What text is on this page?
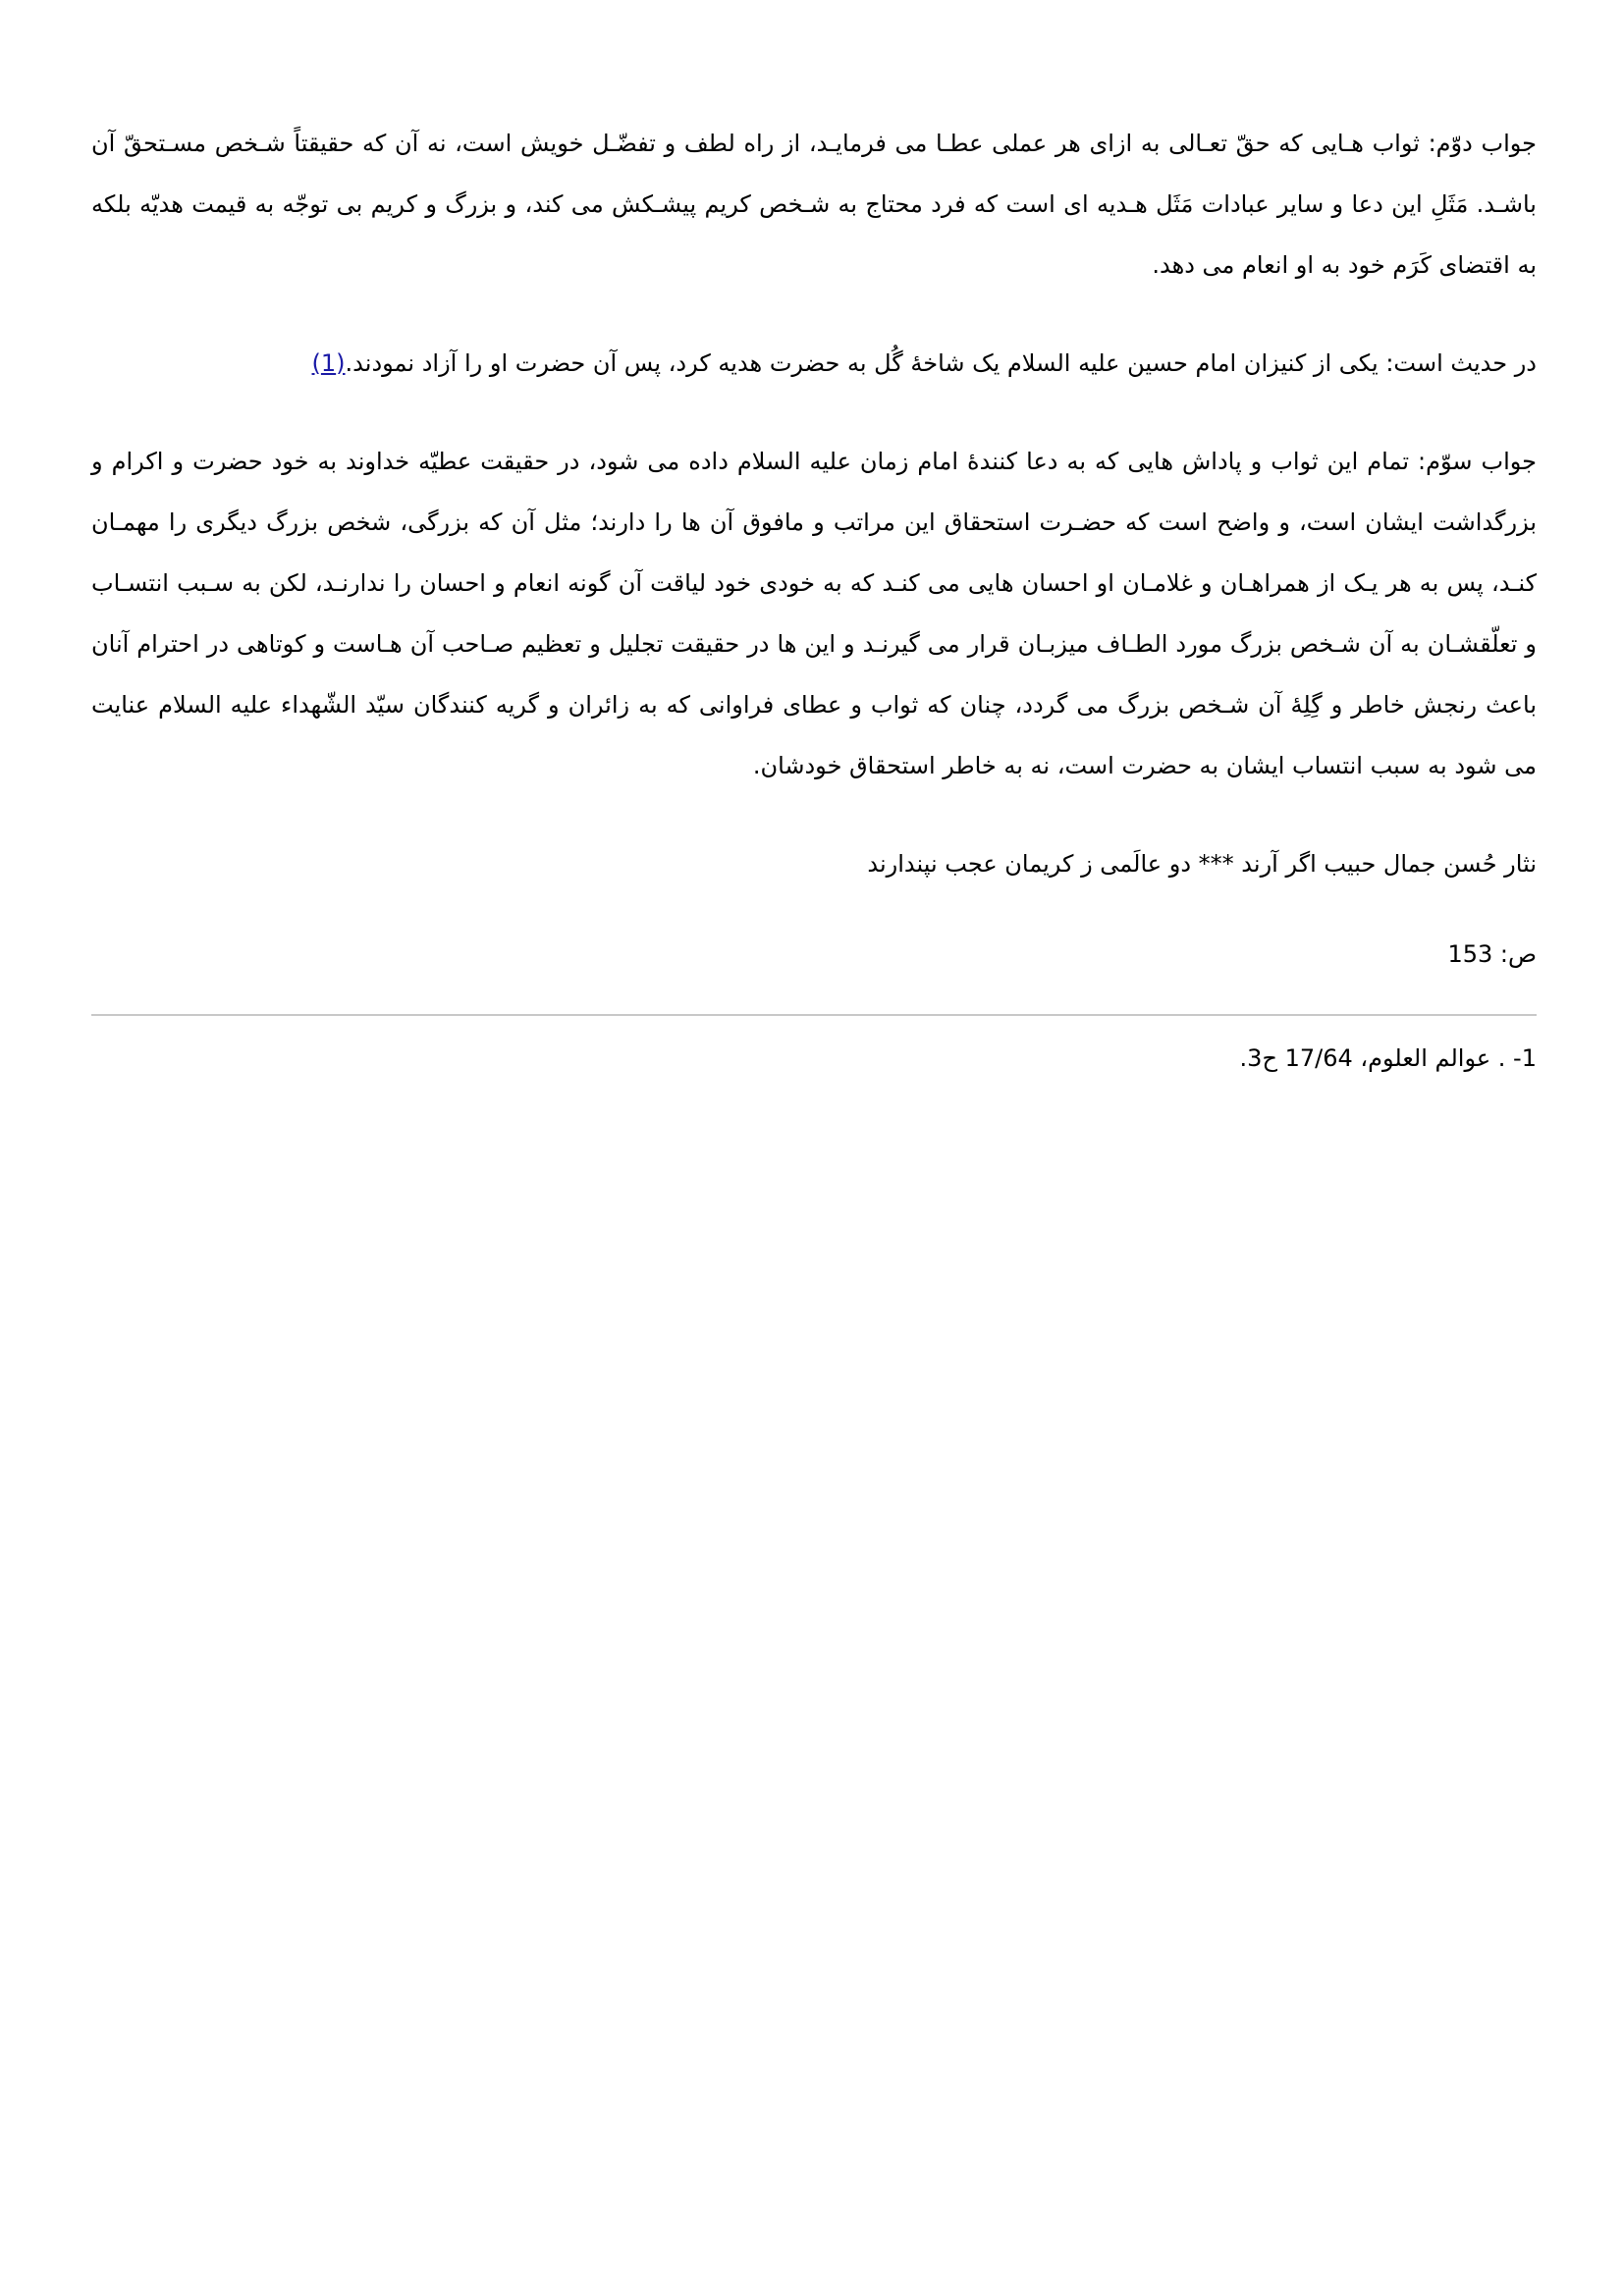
جواب دوّم: ثواب هـایی که حقّ تعـالی به ازای هر عملی عطـا می فرمایـد، از راه لطف و تفضّـل خویش است، نه آن که حقیقتاً شـخص مسـتحقّ آن باشـد. مَثَلِ این دعا و سایر عبادات مَثَل هـدیه ای است که فرد محتاج به شـخص کریم پیشـکش می کند، و بزرگ و کریم بی توجّه به قیمت هدیّه بلکه به اقتضای کَرَم خود به او انعام می دهد.

در حدیث است: یکی از کنیزان امام حسین علیه السلام یک شاخهٔ گُل به حضرت هدیه کرد، پس آن حضرت او را آزاد نمودند.(1)

جواب سوّم: تمام این ثواب و پاداش هایی که به دعا کنندهٔ امام زمان علیه السلام داده می شود، در حقیقت عطیّه خداوند به خود حضرت و اکرام و بزرگداشت ایشان است، و واضح است که حضـرت استحقاق این مراتب و مافوق آن ها را دارند؛ مثل آن که بزرگی، شخص بزرگ دیگری را مهمـان کنـد، پس به هر یـک از همراهـان و غلامـان او احسان هایی می کنـد که به خودی خود لیاقت آن گونه انعام و احسان را ندارنـد، لکن به سـبب انتسـاب و تعلّقشـان به آن شـخص بزرگ مورد الطـاف میزبـان قرار می گیرنـد و این ها در حقیقت تجلیل و تعظیم صـاحب آن هـاست و کوتاهی در احترام آنان باعث رنجش خاطر و گِلِهٔ آن شـخص بزرگ می گردد، چنان که ثواب و عطای فراوانی که به زائران و گریه کنندگان سیّد الشّهداء علیه السلام عنایت می شود به سبب انتساب ایشان به حضرت است، نه به خاطر استحقاق خودشان.

نثار حُسن جمال حبیب اگر آرند *** دو عالَمی ز کریمان عجب نپندارند

ص: 153

1- . عوالم العلوم، 17/64 ح3.
